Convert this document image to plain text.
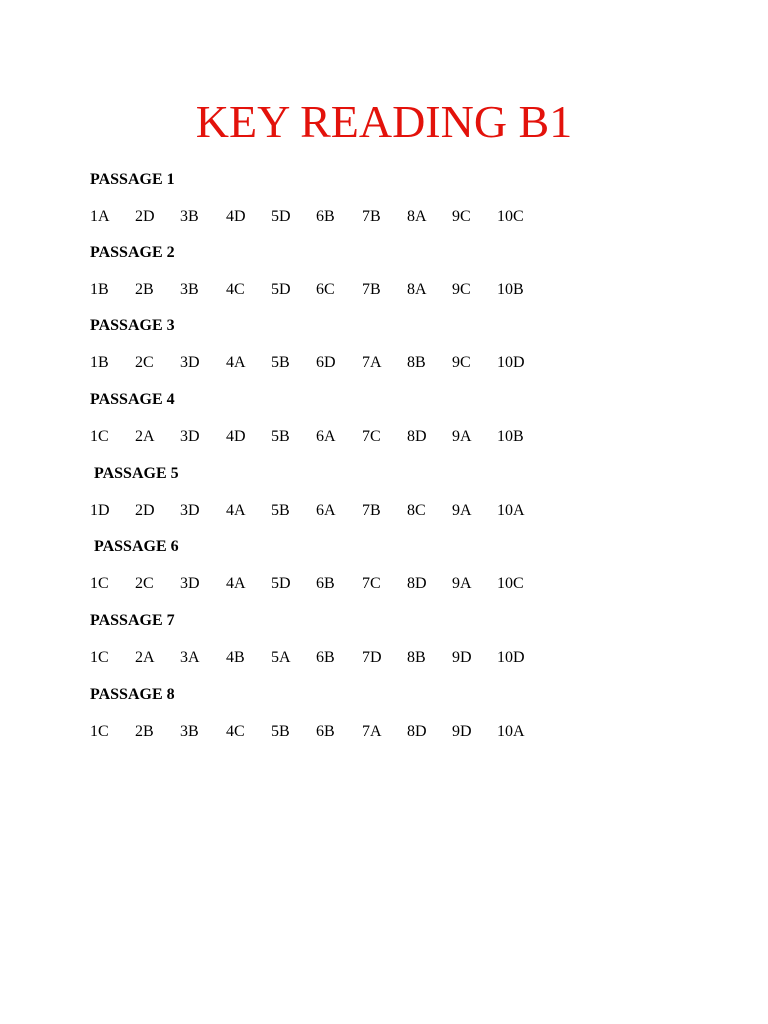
KEY READING B1
PASSAGE 1
1A 2D 3B 4D 5D 6B 7B 8A 9C 10C
PASSAGE 2
1B 2B 3B 4C 5D 6C 7B 8A 9C 10B
PASSAGE 3
1B 2C 3D 4A 5B 6D 7A 8B 9C 10D
PASSAGE 4
1C 2A 3D 4D 5B 6A 7C 8D 9A 10B
PASSAGE 5
1D 2D 3D 4A 5B 6A 7B 8C 9A 10A
PASSAGE 6
1C 2C 3D 4A 5D 6B 7C 8D 9A 10C
PASSAGE 7
1C 2A 3A 4B 5A 6B 7D 8B 9D 10D
PASSAGE 8
1C 2B 3B 4C 5B 6B 7A 8D 9D 10A
